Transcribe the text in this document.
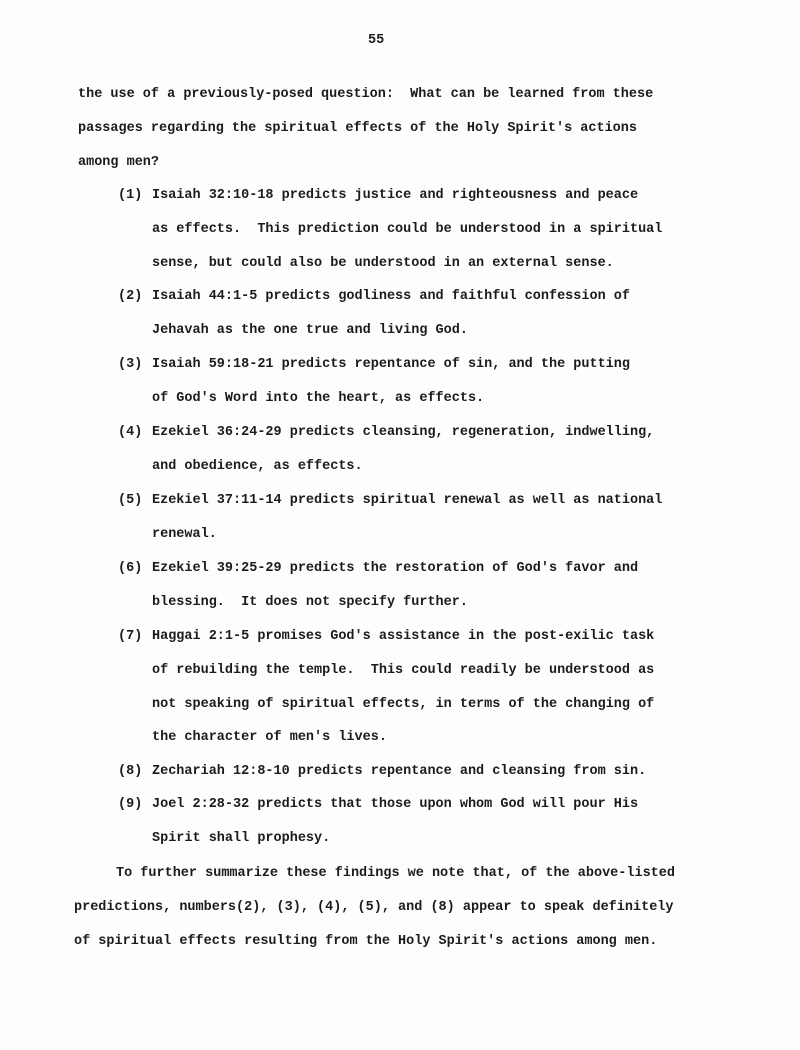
55
the use of a previously-posed question:  What can be learned from these
passages regarding the spiritual effects of the Holy Spirit's actions
among men?
(1) Isaiah 32:10-18 predicts justice and righteousness and peace
as effects.  This prediction could be understood in a spiritual
sense, but could also be understood in an external sense.
(2) Isaiah 44:1-5 predicts godliness and faithful confession of
Jehavah as the one true and living God.
(3) Isaiah 59:18-21 predicts repentance of sin, and the putting
of God's Word into the heart, as effects.
(4) Ezekiel 36:24-29 predicts cleansing, regeneration, indwelling,
and obedience, as effects.
(5) Ezekiel 37:11-14 predicts spiritual renewal as well as national
renewal.
(6) Ezekiel 39:25-29 predicts the restoration of God's favor and
blessing.  It does not specify further.
(7) Haggai 2:1-5 promises God's assistance in the post-exilic task
of rebuilding the temple.  This could readily be understood as
not speaking of spiritual effects, in terms of the changing of
the character of men's lives.
(8) Zechariah 12:8-10 predicts repentance and cleansing from sin.
(9) Joel 2:28-32 predicts that those upon whom God will pour His
Spirit shall prophesy.
To further summarize these findings we note that, of the above-listed
predictions, numbers(2), (3), (4), (5), and (8) appear to speak definitely
of spiritual effects resulting from the Holy Spirit's actions among men.
